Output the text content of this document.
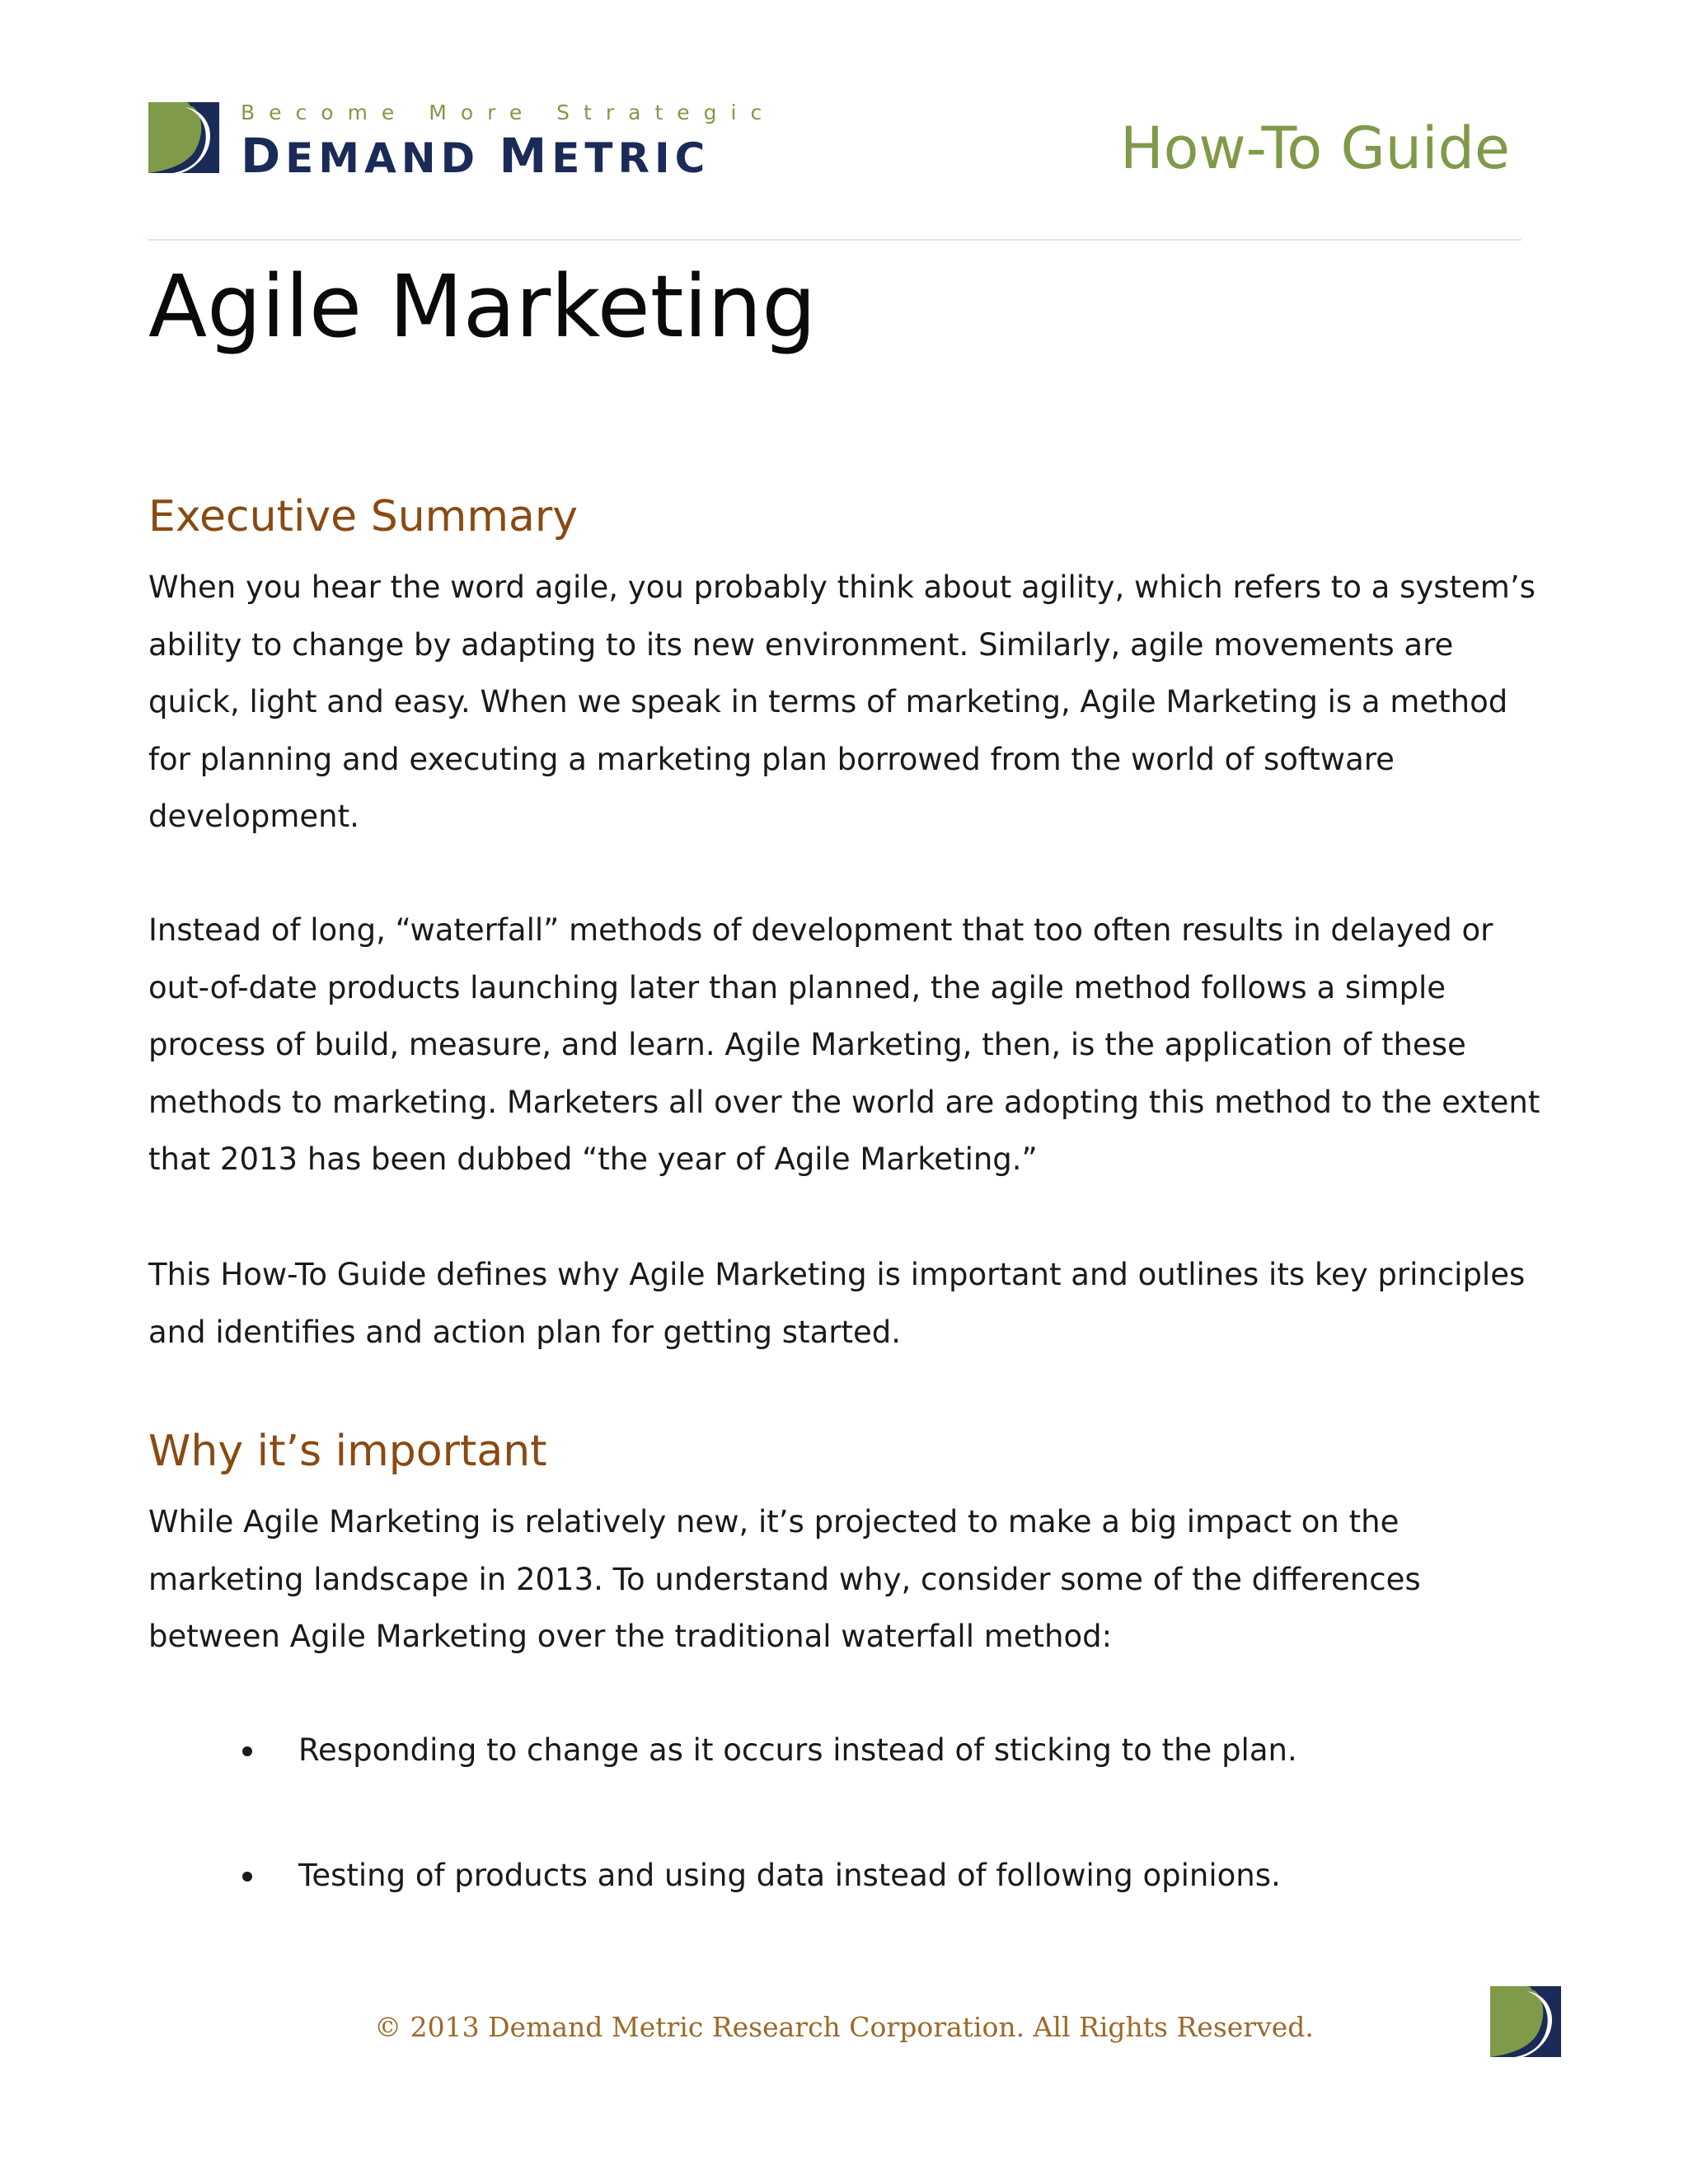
Become More Strategic
DEMAND METRIC	How-To Guide
Agile Marketing
Executive Summary

When you hear the word agile, you probably think about agility, which refers to a system’s ability to change by adapting to its new environment. Similarly, agile movements are quick, light and easy. When we speak in terms of marketing, Agile Marketing is a method for planning and executing a marketing plan borrowed from the world of software development.

Instead of long, “waterfall” methods of development that too often results in delayed or out-of-date products launching later than planned, the agile method follows a simple process of build, measure, and learn. Agile Marketing, then, is the application of these methods to marketing. Marketers all over the world are adopting this method to the extent that 2013 has been dubbed “the year of Agile Marketing.”

This How-To Guide defines why Agile Marketing is important and outlines its key principles and identifies and action plan for getting started.

Why it’s important

While Agile Marketing is relatively new, it’s projected to make a big impact on the marketing landscape in 2013. To understand why, consider some of the differences between Agile Marketing over the traditional waterfall method:

Responding to change as it occurs instead of sticking to the plan.
Testing of products and using data instead of following opinions.
© 2013 Demand Metric Research Corporation. All Rights Reserved.
